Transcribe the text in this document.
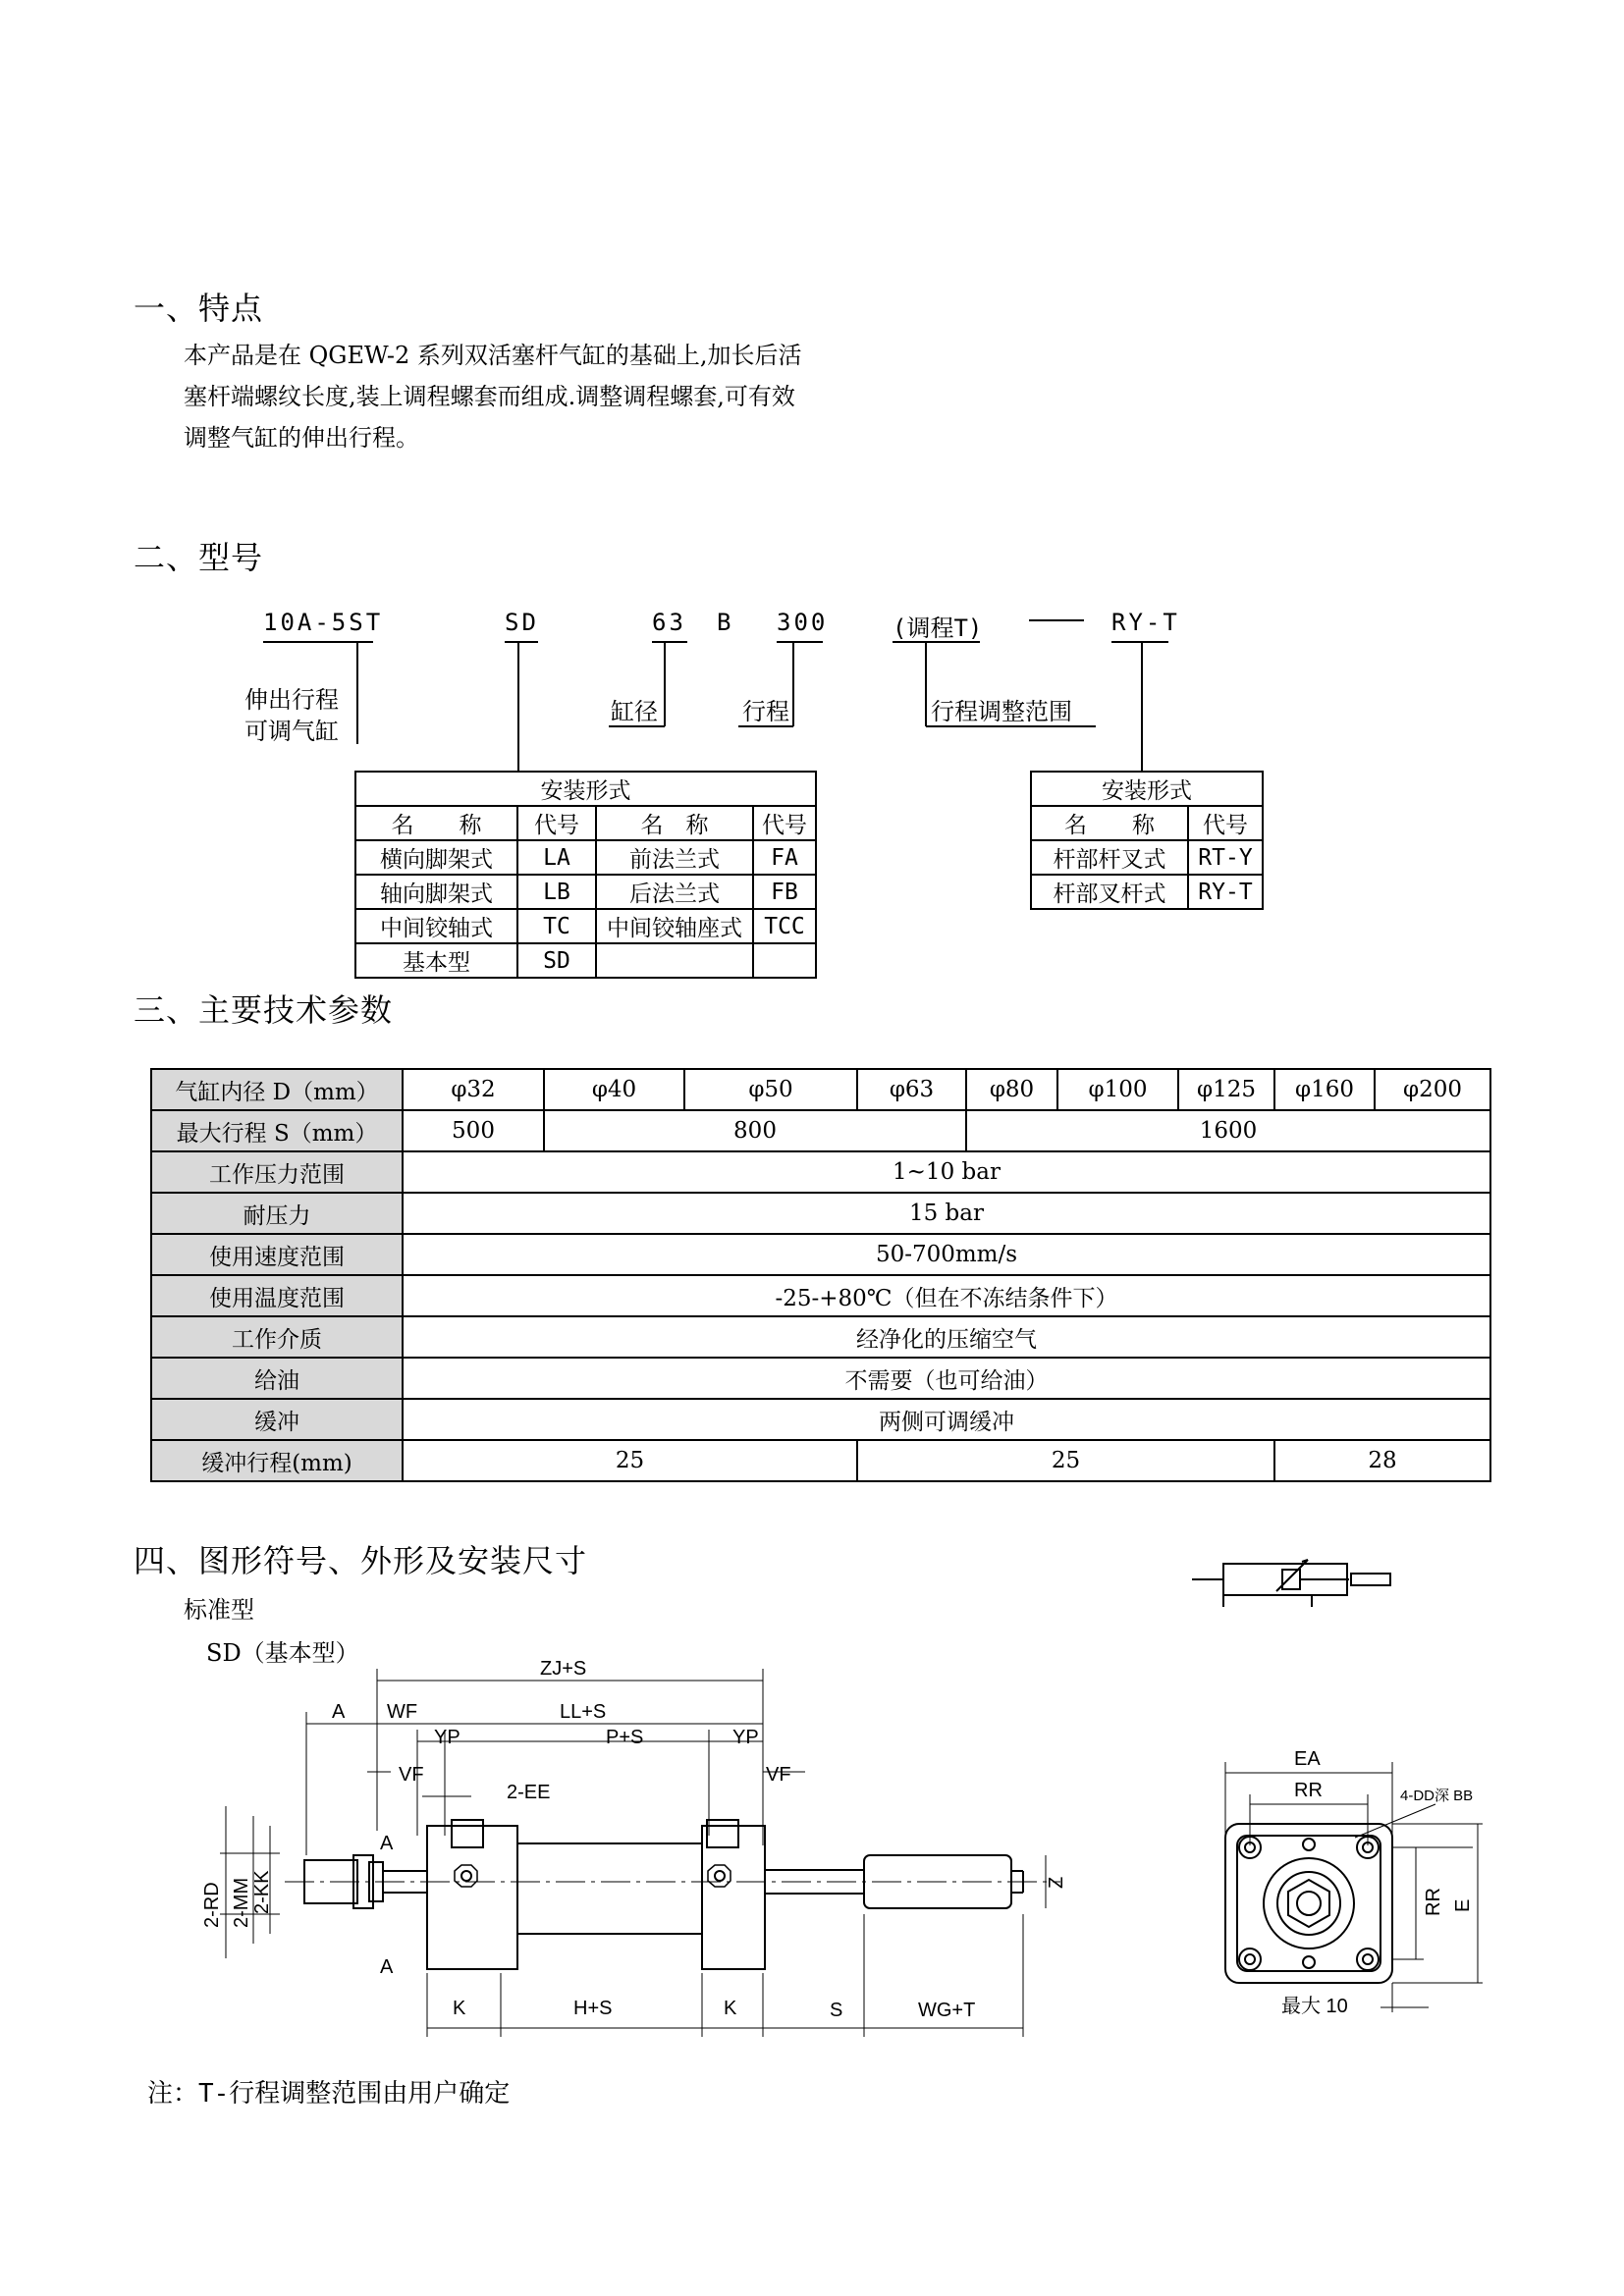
一、特点
本产品是在 QGEW-2 系列双活塞杆气缸的基础上,加长后活
塞杆端螺纹长度,装上调程螺套而组成.调整调程螺套,可有效
调整气缸的伸出行程。
二、型号
10A-5ST	SD	63 B 300	(调程T)	RY-T
伸出行程
可调气缸
缸径	行程	行程调整范围
安装形式			
名　　称	代号	名　称	代号
横向脚架式	LA	前法兰式	FA
轴向脚架式	LB	后法兰式	FB
中间铰轴式	TC	中间铰轴座式	TCC
基本型	SD		
安装形式	
名　　称	代号
杆部杆叉式	RT-Y
杆部叉杆式	RY-T
三、主要技术参数
气缸内径 D（mm）	φ32	φ40	φ50	φ63	φ80	φ100	φ125	φ160	φ200
最大行程 S（mm）	500	800			1600				
工作压力范围	1~10 bar								
耐压力	15 bar								
使用速度范围	50-700mm/s								
使用温度范围	-25-+80℃（但在不冻结条件下）								
工作介质	经净化的压缩空气								
给油	不需要（也可给油）								
缓冲	两侧可调缓冲								
缓冲行程(mm)	25			25				28	
四、图形符号、外形及安装尺寸
标准型
SD（基本型）
ZJ+S
A WF	LL+S
YP	P+S	YP
VF	VF
2-EE
A
A
2-RD 2-MM 2-KK	Z
K	H+S	K	S	WG+T
EA
RR	4-DD深 BB
RR E
最大 10
注：T-行程调整范围由用户确定
